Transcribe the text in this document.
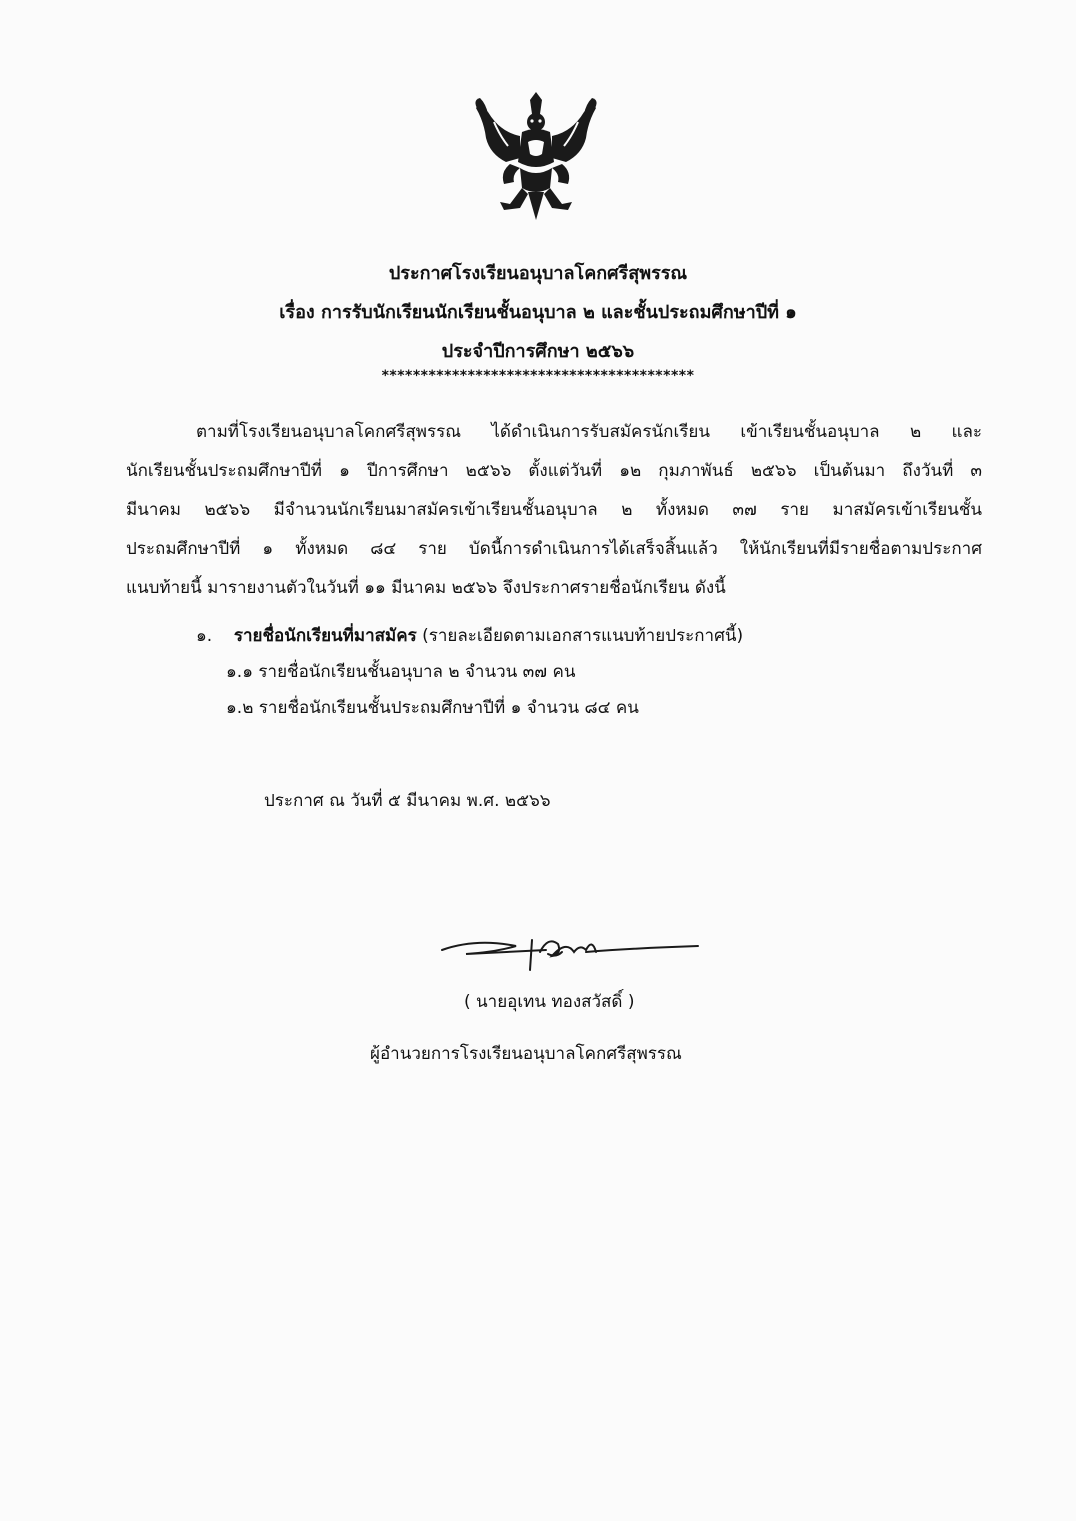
ประกาศโรงเรียนอนุบาลโคกศรีสุพรรณ
เรื่อง การรับนักเรียนนักเรียนชั้นอนุบาล ๒ และชั้นประถมศึกษาปีที่ ๑
ประจำปีการศึกษา ๒๕๖๖
****************************************
ตามที่โรงเรียนอนุบาลโคกศรีสุพรรณ ได้ดำเนินการรับสมัครนักเรียน เข้าเรียนชั้นอนุบาล ๒ และ
นักเรียนชั้นประถมศึกษาปีที่ ๑ ปีการศึกษา ๒๕๖๖ ตั้งแต่วันที่ ๑๒ กุมภาพันธ์ ๒๕๖๖ เป็นต้นมา ถึงวันที่ ๓
มีนาคม ๒๕๖๖ มีจำนวนนักเรียนมาสมัครเข้าเรียนชั้นอนุบาล ๒ ทั้งหมด ๓๗ ราย มาสมัครเข้าเรียนชั้น
ประถมศึกษาปีที่ ๑ ทั้งหมด ๘๔ ราย บัดนี้การดำเนินการได้เสร็จสิ้นแล้ว ให้นักเรียนที่มีรายชื่อตามประกาศ
แนบท้ายนี้ มารายงานตัวในวันที่ ๑๑ มีนาคม ๒๕๖๖ จึงประกาศรายชื่อนักเรียน ดังนี้
๑. รายชื่อนักเรียนที่มาสมัคร (รายละเอียดตามเอกสารแนบท้ายประกาศนี้)
๑.๑ รายชื่อนักเรียนชั้นอนุบาล ๒ จำนวน ๓๗ คน
๑.๒ รายชื่อนักเรียนชั้นประถมศึกษาปีที่ ๑ จำนวน ๘๔ คน
ประกาศ ณ วันที่ ๕ มีนาคม พ.ศ. ๒๕๖๖
( นายอุเทน ทองสวัสดิ์ )
ผู้อำนวยการโรงเรียนอนุบาลโคกศรีสุพรรณ
